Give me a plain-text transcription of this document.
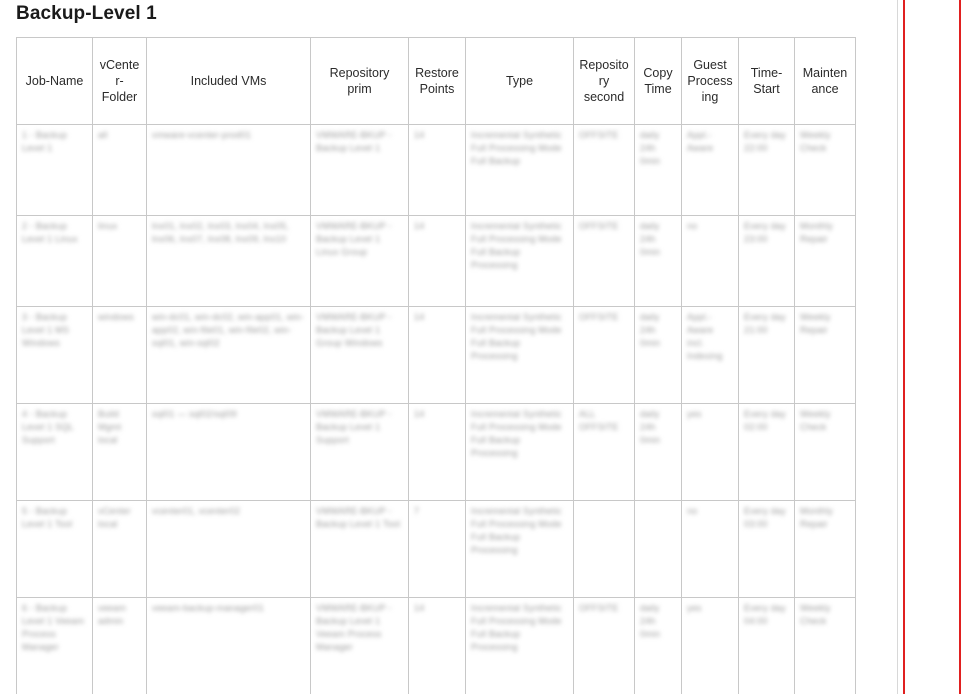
Backup-Level 1
Job-Name	vCenter-Folder	Included VMs	Repository prim	Restore Points	Type	Repository second	Copy Time	Guest Processing	Time-Start	Maintenance

1 - Backup Level 1	all	vmware-vcenter-prod01	VMWARE-BKUP - Backup Level 1	14	Incremental Synthetic Full Processing Mode Full Backup	OFFSITE	daily 24h 0min	Appl.-Aware	Every day 22:00	Weekly Check

2 - Backup Level 1 Linux	linux	lnx01, lnx02, lnx03, lnx04, lnx05, lnx06, lnx07, lnx08, lnx09, lnx10	VMWARE-BKUP - Backup Level 1 Linux Group	14	Incremental Synthetic Full Processing Mode Full Backup Processing	OFFSITE	daily 24h 0min	no	Every day 23:00	Monthly Repair

3 - Backup Level 1 MS Windows	windows	win-dc01, win-dc02, win-app01, win-app02, win-file01, win-file02, win-sql01, win-sql02	VMWARE-BKUP - Backup Level 1 Group Windows	14	Incremental Synthetic Full Processing Mode Full Backup Processing	OFFSITE	daily 24h 0min	Appl.-Aware incl. Indexing	Every day 21:00	Weekly Repair

4 - Backup Level 1 SQL Support	Build Mgmt local	sql01 — sql02/sql09	VMWARE-BKUP - Backup Level 1 Support	14	Incremental Synthetic Full Processing Mode Full Backup Processing	ALL OFFSITE	daily 24h 0min	yes	Every day 02:00	Weekly Check

5 - Backup Level 1 Tool	vCenter local	vcenter01, vcenter02	VMWARE-BKUP - Backup Level 1 Tool	7	Incremental Synthetic Full Processing Mode Full Backup Processing			no	Every day 03:00	Monthly Repair

6 - Backup Level 1 Veeam Process Manager	veeam admin	veeam-backup-manager01	VMWARE-BKUP - Backup Level 1 Veeam Process Manager	14	Incremental Synthetic Full Processing Mode Full Backup Processing	OFFSITE	daily 24h 0min	yes	Every day 04:00	Weekly Check
